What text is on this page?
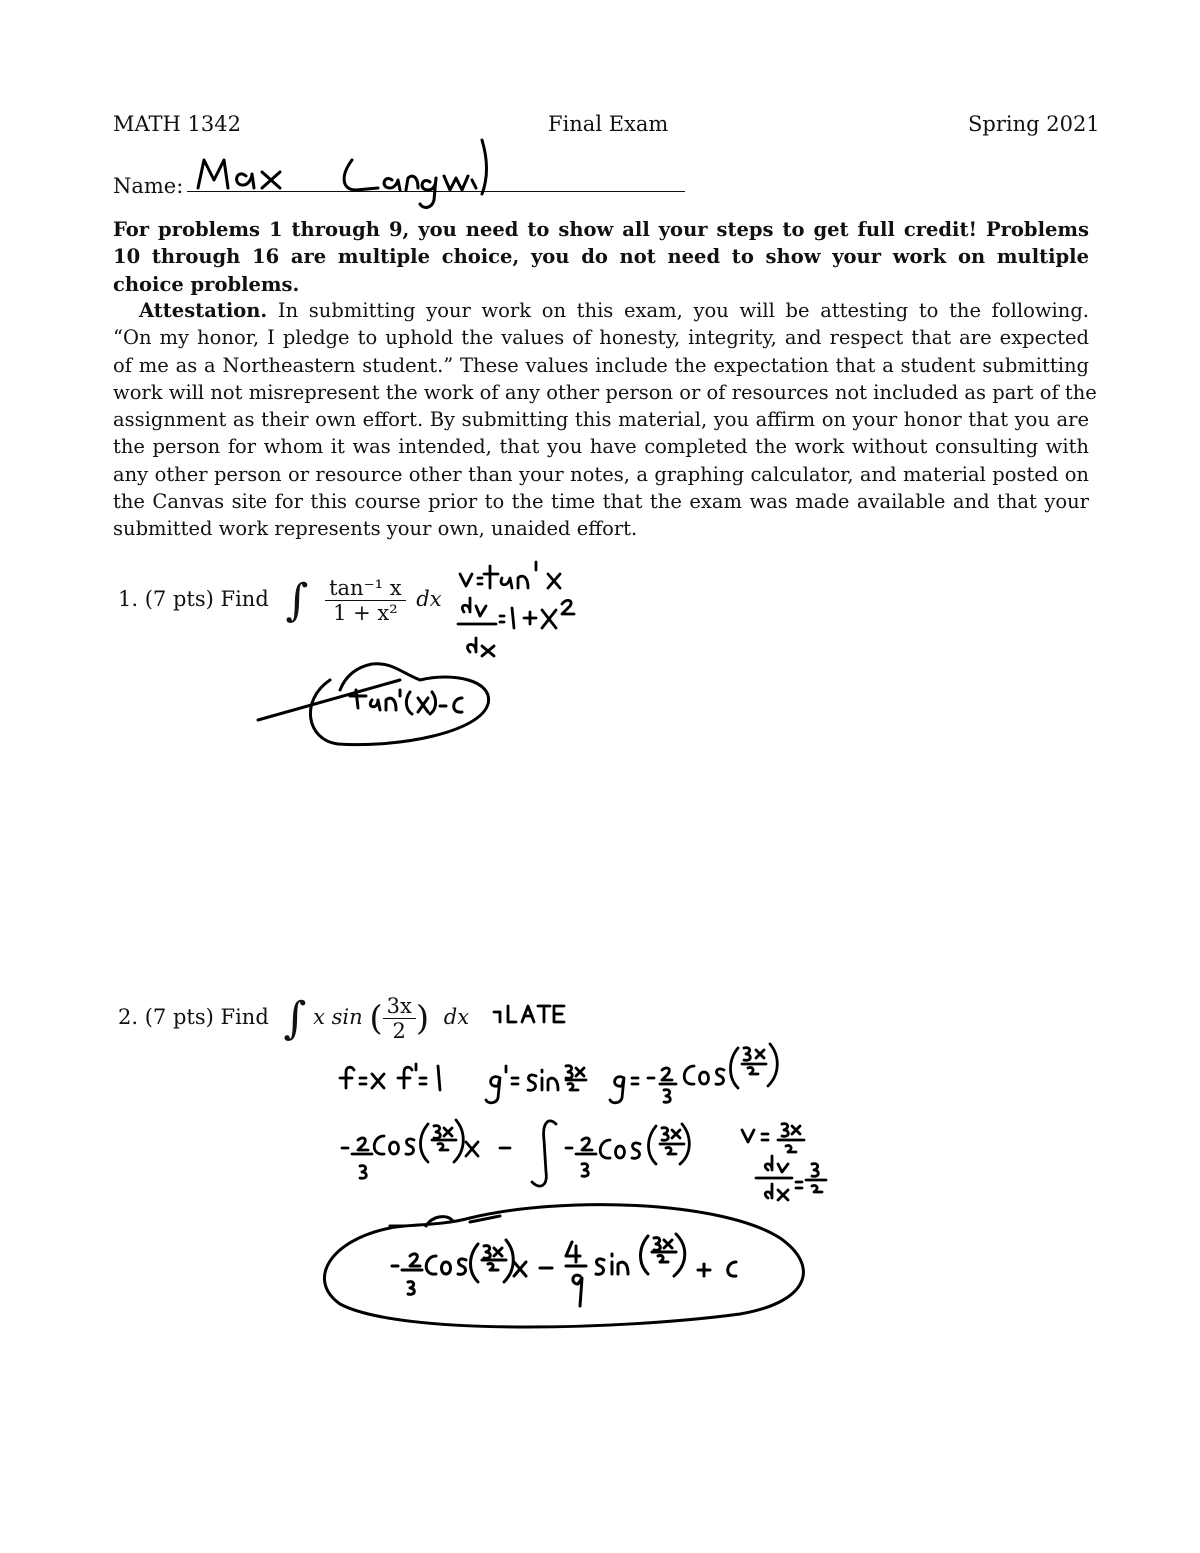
MATH 1342	Final Exam	Spring 2021
Name:
For problems 1 through 9, you need to show all your steps to get full credit! Problems
10 through 16 are multiple choice, you do not need to show your work on multiple
choice problems.
Attestation. In submitting your work on this exam, you will be attesting to the following.
“On my honor, I pledge to uphold the values of honesty, integrity, and respect that are expected
of me as a Northeastern student.” These values include the expectation that a student submitting
work will not misrepresent the work of any other person or of resources not included as part of the
assignment as their own effort. By submitting this material, you affirm on your honor that you are
the person for whom it was intended, that you have completed the work without consulting with
any other person or resource other than your notes, a graphing calculator, and material posted on
the Canvas site for this course prior to the time that the exam was made available and that your
submitted work represents your own, unaided effort.
1. (7 pts) Find ∫ $\frac{\text{tan⁻¹ x}}{\text{1 + x²}}$ dx
2. (7 pts) Find ∫ x sin ( $\frac{3x}{2}$ ) dx
